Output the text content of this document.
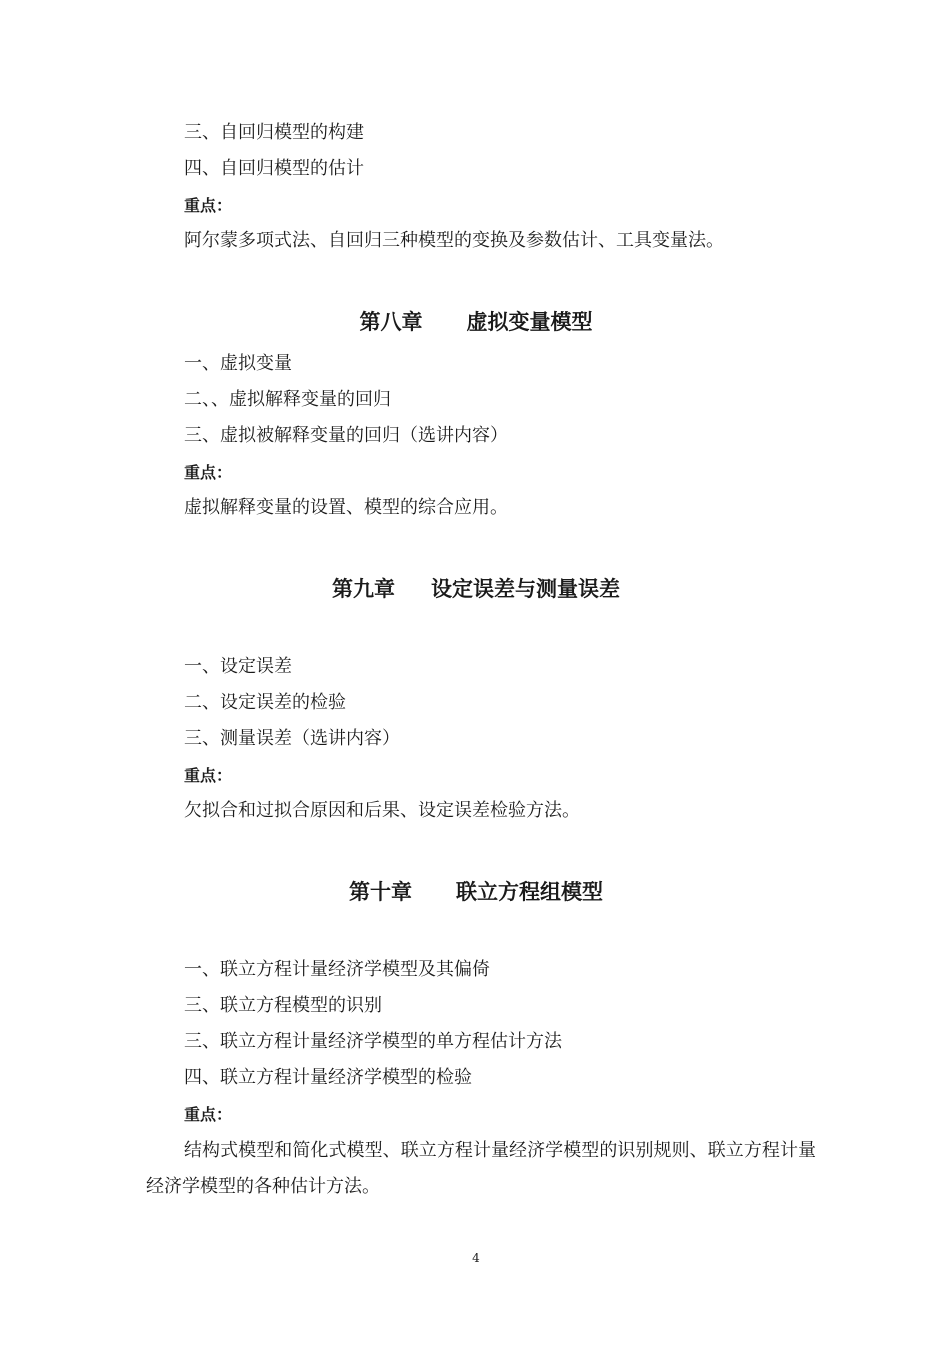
三、自回归模型的构建
四、自回归模型的估计
重点：
阿尔蒙多项式法、自回归三种模型的变换及参数估计、工具变量法。
第八章 虚拟变量模型
一、虚拟变量
二、、虚拟解释变量的回归
三、虚拟被解释变量的回归（选讲内容）
重点：
虚拟解释变量的设置、模型的综合应用。
第九章 设定误差与测量误差
一、设定误差
二、设定误差的检验
三、测量误差（选讲内容）
重点：
欠拟合和过拟合原因和后果、设定误差检验方法。
第十章 联立方程组模型
一、联立方程计量经济学模型及其偏倚
三、联立方程模型的识别
三、联立方程计量经济学模型的单方程估计方法
四、联立方程计量经济学模型的检验
重点：
结构式模型和简化式模型、联立方程计量经济学模型的识别规则、联立方程计量经济学模型的各种估计方法。
4
